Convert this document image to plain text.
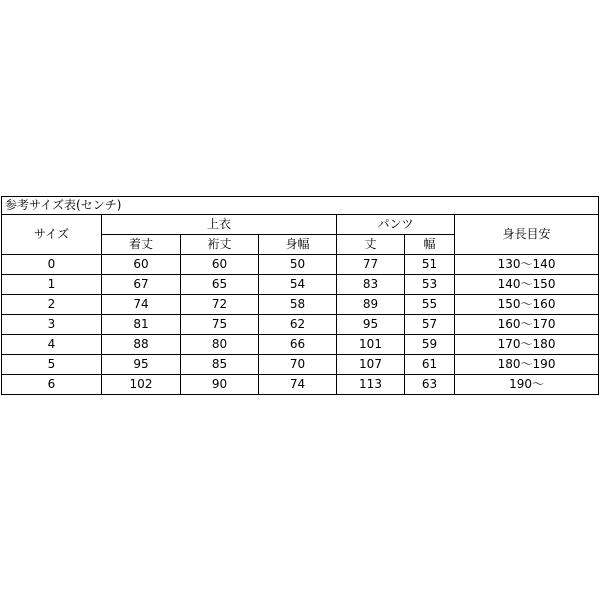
参考サイズ表(センチ)						
サイズ	上衣			パンツ		身長目安
	着丈	裄丈	身幅	丈	幅	
0	60	60	50	77	51	130〜140
1	67	65	54	83	53	140〜150
2	74	72	58	89	55	150〜160
3	81	75	62	95	57	160〜170
4	88	80	66	101	59	170〜180
5	95	85	70	107	61	180〜190
6	102	90	74	113	63	190〜
